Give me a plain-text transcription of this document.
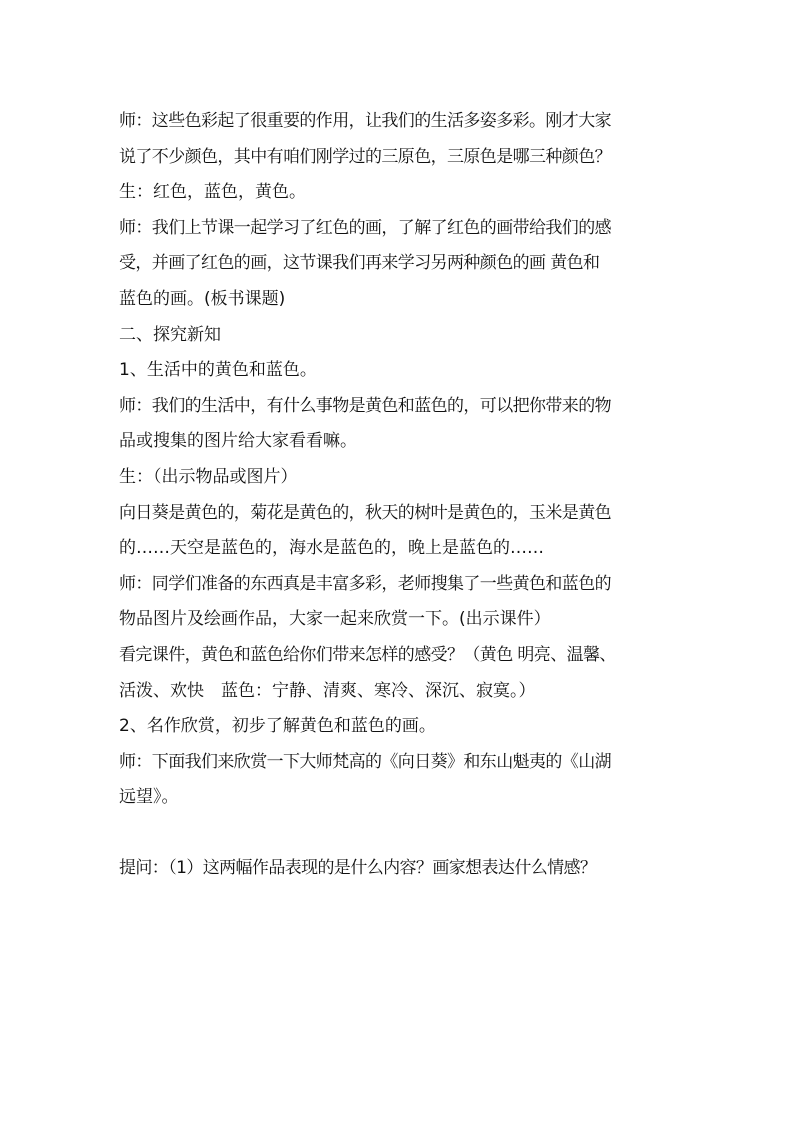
师：这些色彩起了很重要的作用，让我们的生活多姿多彩。刚才大家

说了不少颜色，其中有咱们刚学过的三原色，三原色是哪三种颜色？

生：红色，蓝色，黄色。

师：我们上节课一起学习了红色的画，了解了红色的画带给我们的感

受，并画了红色的画，这节课我们再来学习另两种颜色的画 黄色和

蓝色的画。(板书课题)

二、探究新知

1、生活中的黄色和蓝色。

师：我们的生活中，有什么事物是黄色和蓝色的，可以把你带来的物

品或搜集的图片给大家看看嘛。

生：（出示物品或图片）

向日葵是黄色的，菊花是黄色的，秋天的树叶是黄色的，玉米是黄色

的……天空是蓝色的，海水是蓝色的，晚上是蓝色的……

师：同学们准备的东西真是丰富多彩，老师搜集了一些黄色和蓝色的

物品图片及绘画作品，大家一起来欣赏一下。(出示课件）

看完课件，黄色和蓝色给你们带来怎样的感受？（黄色 明亮、温馨、

活泼、欢快　蓝色：宁静、清爽、寒冷、深沉、寂寞。）

2、名作欣赏，初步了解黄色和蓝色的画。

师：下面我们来欣赏一下大师梵高的《向日葵》和东山魁夷的《山湖

远望》。

提问：（1）这两幅作品表现的是什么内容？画家想表达什么情感？
